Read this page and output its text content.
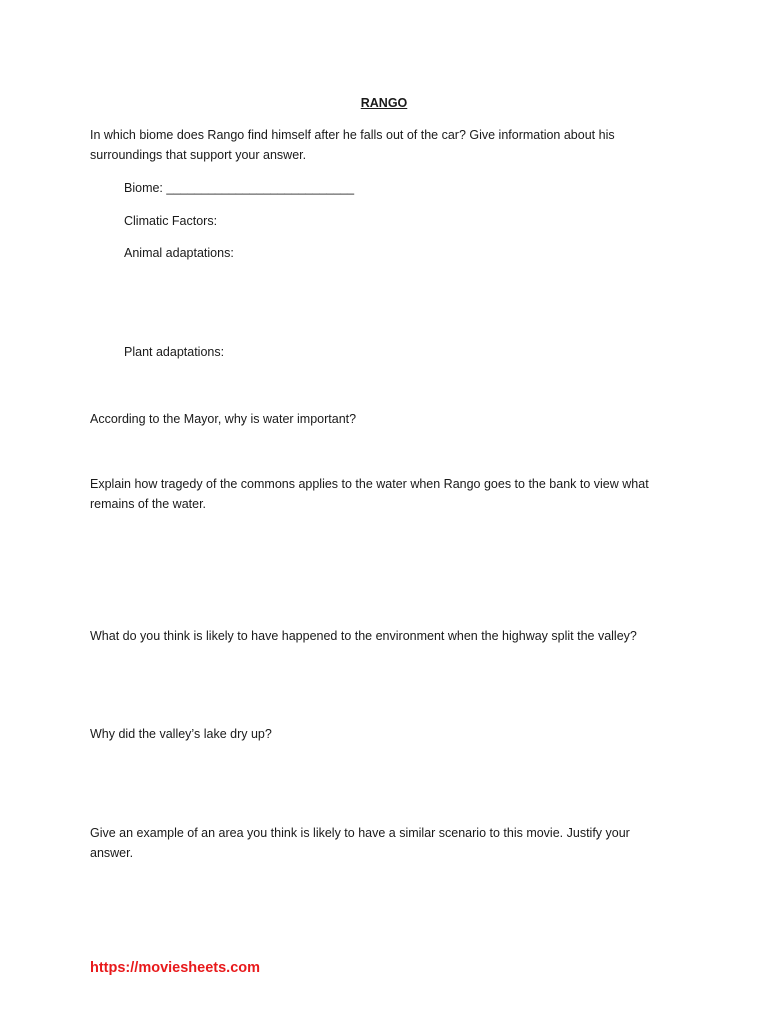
RANGO

In which biome does Rango find himself after he falls out of the car? Give information about his

surroundings that support your answer.

Biome: ___________________________

Climatic Factors:

Animal adaptations:

Plant adaptations:

According to the Mayor, why is water important?

Explain how tragedy of the commons applies to the water when Rango goes to the bank to view what

remains of the water.

What do you think is likely to have happened to the environment when the highway split the valley?

Why did the valley’s lake dry up?

Give an example of an area you think is likely to have a similar scenario to this movie. Justify your

answer.

https://moviesheets.com
